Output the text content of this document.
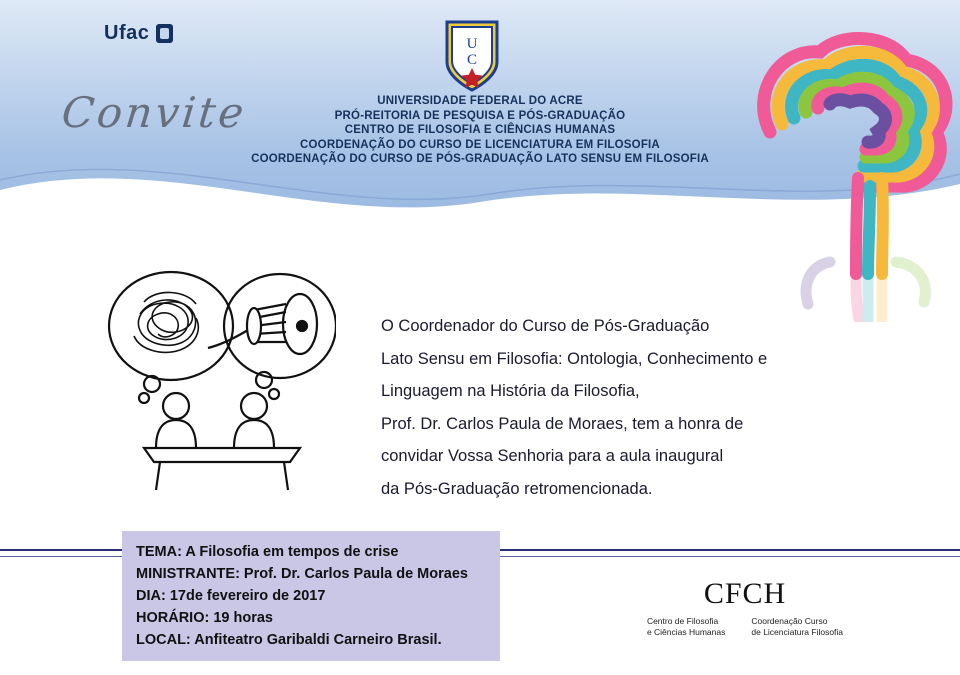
Ufac
Convite
U
C
UNIVERSIDADE FEDERAL DO ACRE
PRÓ-REITORIA DE PESQUISA E PÓS-GRADUAÇÃO
CENTRO DE FILOSOFIA E CIÊNCIAS HUMANAS
COORDENAÇÃO DO CURSO DE LICENCIATURA EM FILOSOFIA
COORDENAÇÃO DO CURSO DE PÓS-GRADUAÇÃO LATO SENSU EM FILOSOFIA
O Coordenador do Curso de Pós-Graduação
Lato Sensu em Filosofia: Ontologia, Conhecimento e
Linguagem na História da Filosofia,
Prof. Dr. Carlos Paula de Moraes, tem a honra de
convidar Vossa Senhoria para a aula inaugural
da Pós-Graduação retromencionada.
TEMA: A Filosofia em tempos de crise
MINISTRANTE: Prof. Dr. Carlos Paula de Moraes
DIA: 17de fevereiro de 2017
HORÁRIO: 19 horas
LOCAL: Anfiteatro Garibaldi Carneiro Brasil.
CFCH
Centro de Filosofia
e Ciências Humanas
Coordenação Curso
de Licenciatura Filosofia
